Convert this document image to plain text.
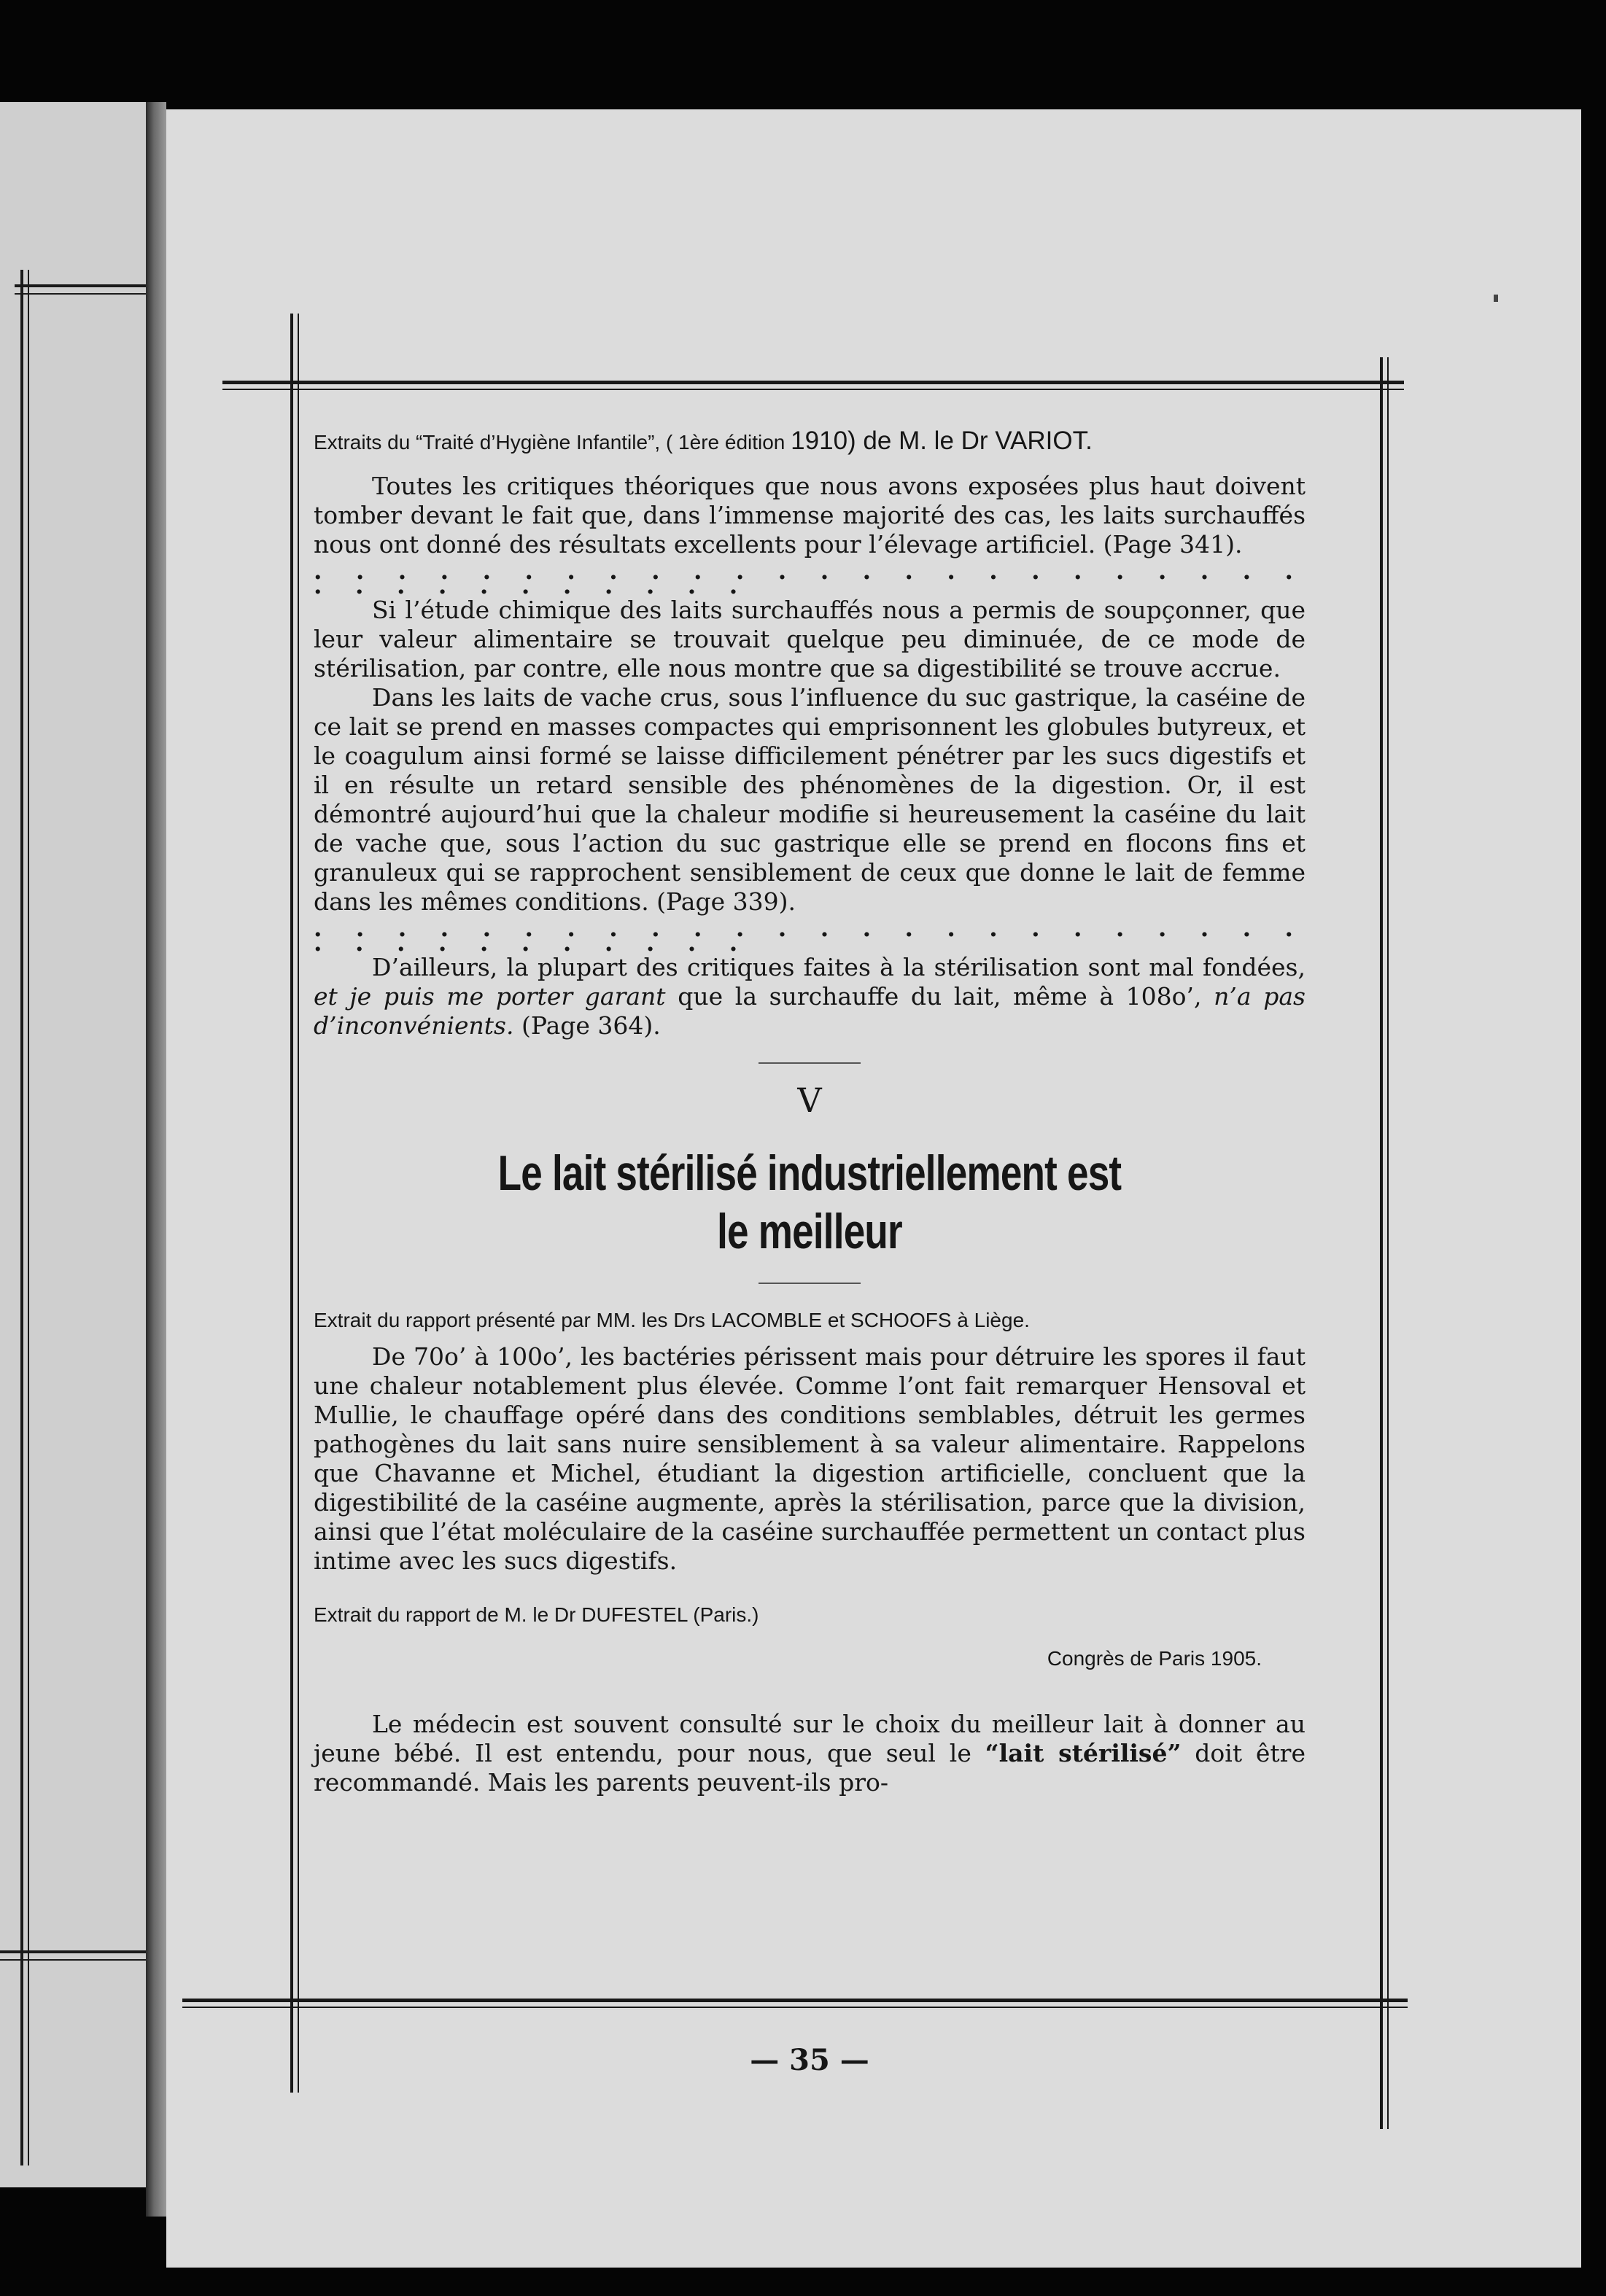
Extraits du “Traité d’Hygiène Infantile”, ( 1ère édition 1910) de M. le Dr VARIOT.

Toutes les critiques théoriques que nous avons exposées plus haut doivent tomber devant le fait que, dans l’immense majorité des cas, les laits surchauffés nous ont donné des résultats excellents pour l’élevage artificiel. (Page 341).

. . . . . . . . . . . . . . . . . . . . . . . . . . . . . . . . . . .

Si l’étude chimique des laits surchauffés nous a permis de soupçonner, que leur valeur alimentaire se trouvait quelque peu diminuée, de ce mode de stérilisation, par contre, elle nous montre que sa digestibilité se trouve accrue.

Dans les laits de vache crus, sous l’influence du suc gastrique, la caséine de ce lait se prend en masses compactes qui emprisonnent les globules butyreux, et le coagulum ainsi formé se laisse difficilement pénétrer par les sucs digestifs et il en résulte un retard sensible des phénomènes de la digestion. Or, il est démontré aujourd’hui que la chaleur modifie si heureusement la caséine du lait de vache que, sous l’action du suc gastrique elle se prend en flocons fins et granuleux qui se rapprochent sensiblement de ceux que donne le lait de femme dans les mêmes conditions. (Page 339).

. . . . . . . . . . . . . . . . . . . . . . . . . . . . . . . . . . .

D’ailleurs, la plupart des critiques faites à la stérilisation sont mal fondées, et je puis me porter garant que la surchauffe du lait, même à 108o’, n’a pas d’inconvénients. (Page 364).

V

Le lait stérilisé industriellement est

le meilleur

Extrait du rapport présenté par MM. les Drs LACOMBLE et SCHOOFS à Liège.

De 70o’ à 100o’, les bactéries périssent mais pour détruire les spores il faut une chaleur notablement plus élevée. Comme l’ont fait remarquer Hensoval et Mullie, le chauffage opéré dans des conditions semblables, détruit les germes pathogènes du lait sans nuire sensiblement à sa valeur alimentaire. Rappelons que Chavanne et Michel, étudiant la digestion artificielle, concluent que la digestibilité de la caséine augmente, après la stérilisation, parce que la division, ainsi que l’état moléculaire de la caséine surchauffée permettent un contact plus intime avec les sucs digestifs.

Extrait du rapport de M. le Dr DUFESTEL (Paris.)

Congrès de Paris 1905.

Le médecin est souvent consulté sur le choix du meilleur lait à donner au jeune bébé. Il est entendu, pour nous, que seul le “lait stérilisé” doit être recommandé. Mais les parents peuvent-ils pro-

— 35 —
